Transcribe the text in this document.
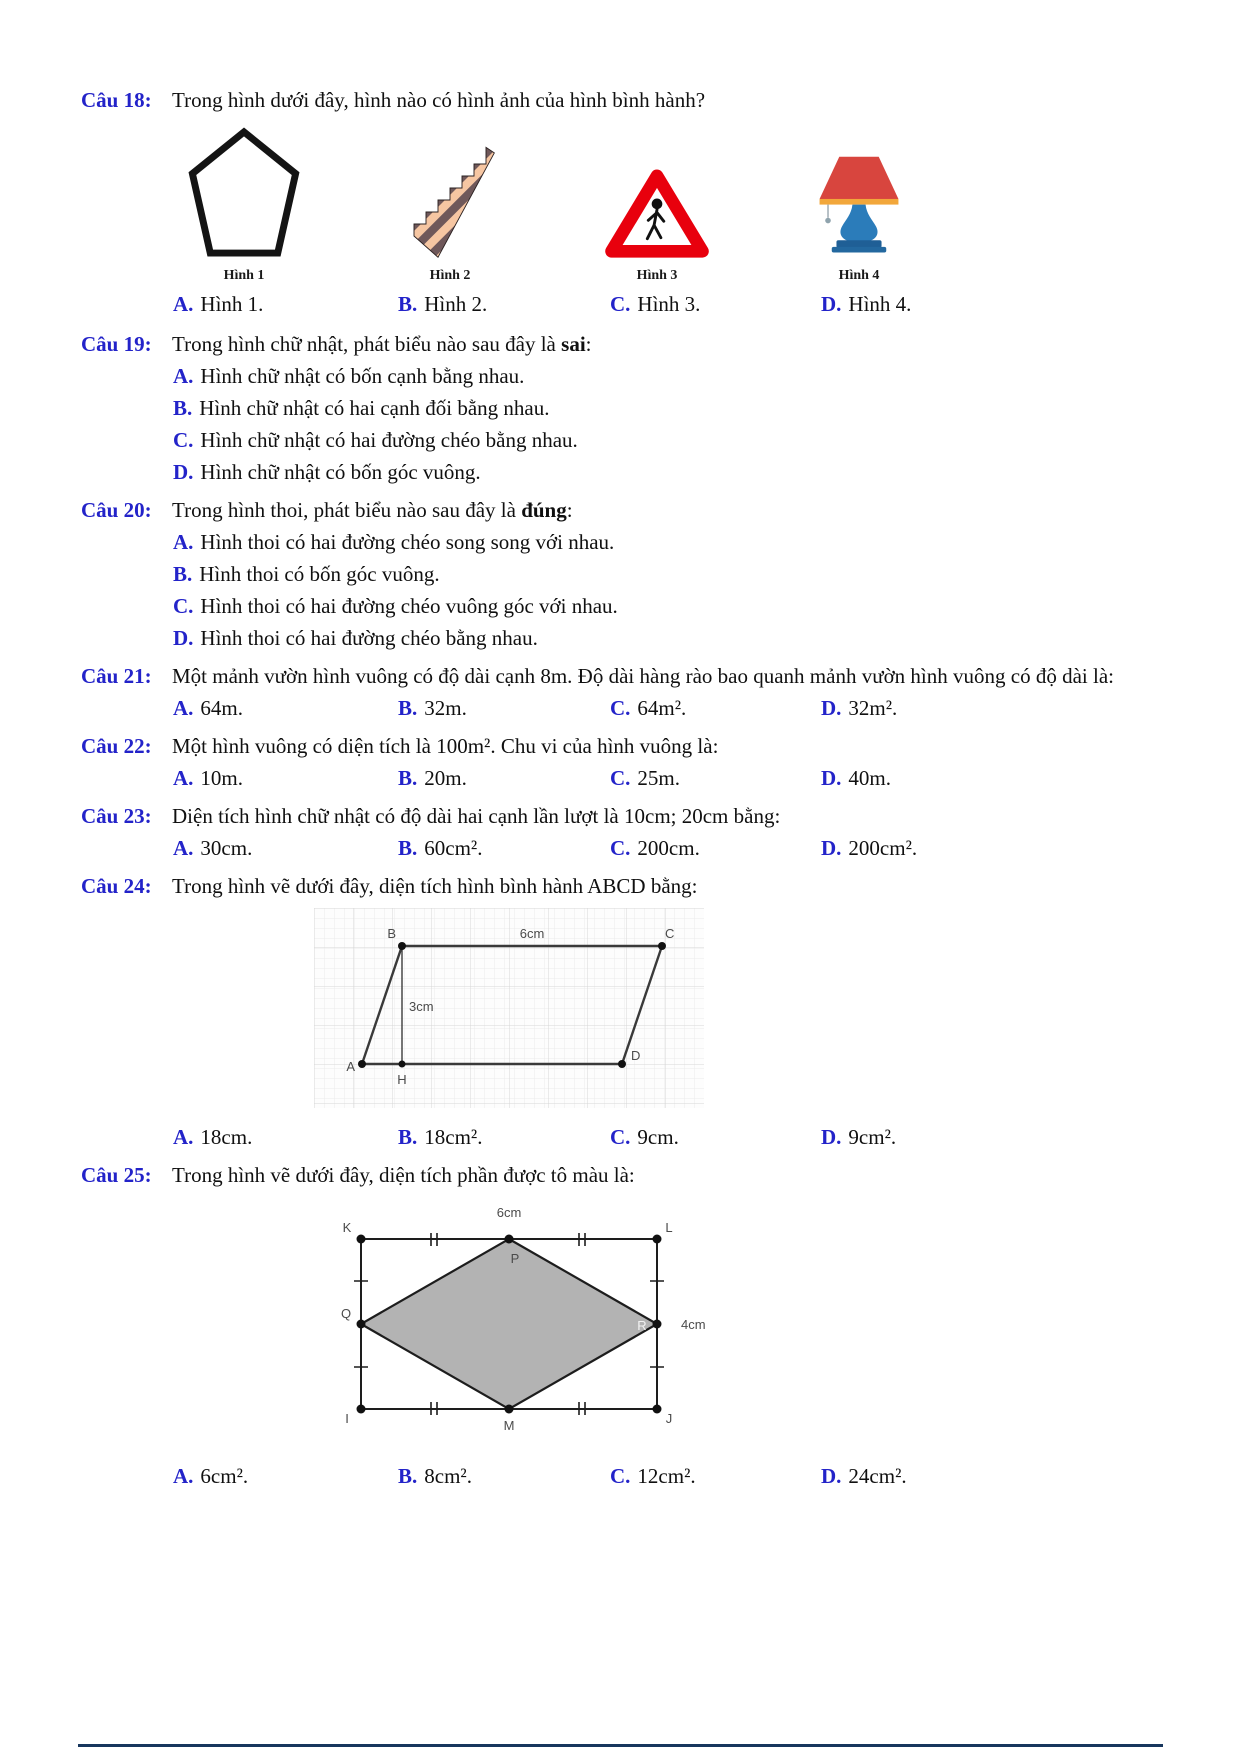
Câu 18: Trong hình dưới đây, hình nào có hình ảnh của hình bình hành?
Hình 1	Hình 2	Hình 3	Hình 4
A. Hình 1.	B. Hình 2.	C. Hình 3.	D. Hình 4.
Câu 19: Trong hình chữ nhật, phát biểu nào sau đây là sai:
A. Hình chữ nhật có bốn cạnh bằng nhau.
B. Hình chữ nhật có hai cạnh đối bằng nhau.
C. Hình chữ nhật có hai đường chéo bằng nhau.
D. Hình chữ nhật có bốn góc vuông.
Câu 20: Trong hình thoi, phát biểu nào sau đây là đúng:
A. Hình thoi có hai đường chéo song song với nhau.
B. Hình thoi có bốn góc vuông.
C. Hình thoi có hai đường chéo vuông góc với nhau.
D. Hình thoi có hai đường chéo bằng nhau.
Câu 21: Một mảnh vườn hình vuông có độ dài cạnh 8m. Độ dài hàng rào bao quanh mảnh vườn hình vuông có độ dài là:
A. 64m.	B. 32m.	C. 64m².	D. 32m².
Câu 22: Một hình vuông có diện tích là 100m². Chu vi của hình vuông là:
A. 10m.	B. 20m.	C. 25m.	D. 40m.
Câu 23: Diện tích hình chữ nhật có độ dài hai cạnh lần lượt là 10cm; 20cm bằng:
A. 30cm.	B. 60cm².	C. 200cm.	D. 200cm².
Câu 24: Trong hình vẽ dưới đây, diện tích hình bình hành ABCD bằng:
B	6cm	C
3cm
A
H
D
A. 18cm.	B. 18cm².	C. 9cm.	D. 9cm².
Câu 25: Trong hình vẽ dưới đây, diện tích phần được tô màu là:
K	L
I	J
6cm
4cm
P
Q
R
M
A. 6cm².	B. 8cm².	C. 12cm².	D. 24cm².
